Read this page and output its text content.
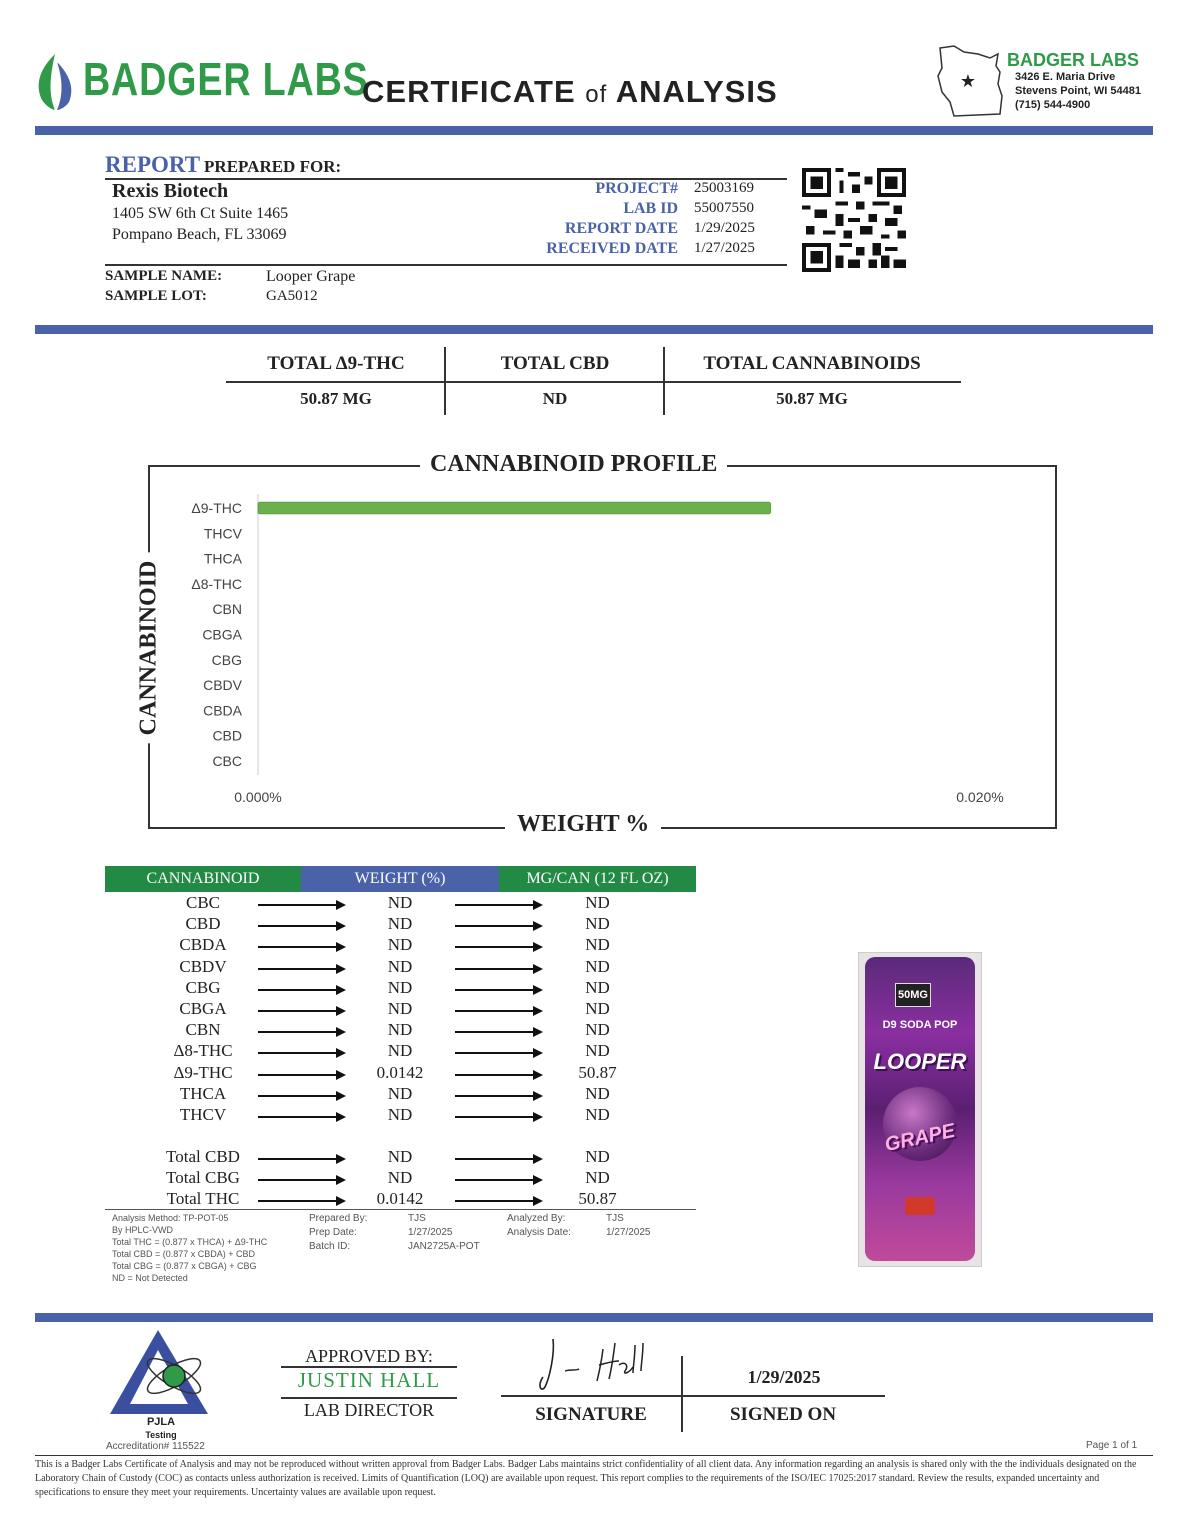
BADGER LABS
CERTIFICATE of ANALYSIS	★
BADGER LABS
3426 E. Maria Drive
Stevens Point, WI 54481
(715) 544-4900
REPORT PREPARED FOR:
Rexis Biotech
1405 SW 6th Ct Suite 1465
Pompano Beach, FL 33069
PROJECT# 25003169
LAB ID 55007550
REPORT DATE 1/29/2025
RECEIVED DATE 1/27/2025
SAMPLE NAME:	Looper Grape
SAMPLE LOT:	GA5012
TOTAL Δ9-THC	TOTAL CBD	TOTAL CANNABINOIDS
50.87 MG	ND	50.87 MG
CANNABINOID PROFILE
WEIGHT %
CANNABINOID
Δ9-THC
THCV
THCA
Δ8-THC
CBN
CBGA
CBG
CBDV
CBDA
CBD
CBC
0.000%	0.020%
CANNABINOID	WEIGHT (%)	MG/CAN (12 FL OZ)
CBC	ND	ND
CBD	ND	ND
CBDA	ND	ND
CBDV	ND	ND
CBG	ND	ND
CBGA	ND	ND
CBN	ND	ND
Δ8-THC	ND	ND
Δ9-THC	0.0142	50.87
THCA	ND	ND
THCV	ND	ND
Total CBD	ND	ND
Total CBG	ND	ND
Total THC	0.0142	50.87
Analysis Method: TP-POT-05
By HPLC-VWD
Total THC = (0.877 x THCA) + Δ9-THC
Total CBD = (0.877 x CBDA) + CBD
Total CBG = (0.877 x CBGA) + CBG
ND = Not Detected
Prepared By:	TJS
Prep Date:	1/27/2025
Batch ID:	JAN2725A-POT
Analyzed By:	TJS
Analysis Date:	1/27/2025
50MG
D9 SODA POP
LOOPER
GRAPE
PJLA
Testing
Accreditation# 115522
APPROVED BY:
JUSTIN HALL
LAB DIRECTOR
1/29/2025
SIGNATURE	SIGNED ON
Page 1 of 1
This is a Badger Labs Certificate of Analysis and may not be reproduced without written approval from Badger Labs. Badger Labs maintains strict confidentiality of all client data. Any information regarding an analysis is shared only with the the individuals designated on the Laboratory Chain of Custody (COC) as contacts unless authorization is received. Limits of Quantification (LOQ) are available upon request. This report complies to the requirements of the ISO/IEC 17025:2017 standard. Review the results, expanded uncertainty and specifications to ensure they meet your requirements. Uncertainty values are available upon request.
